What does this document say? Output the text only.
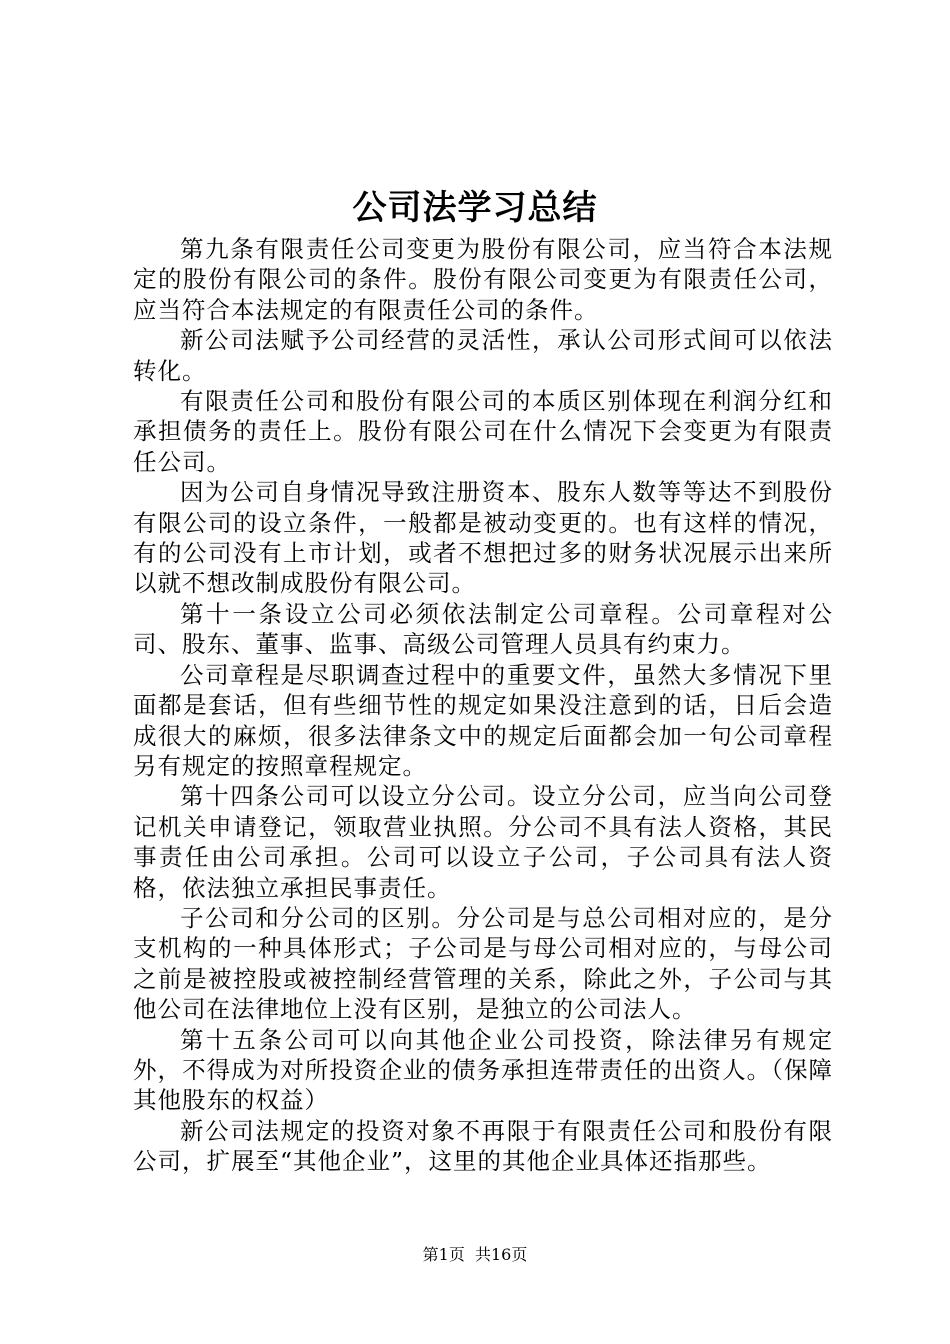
公司法学习总结

第九条有限责任公司变更为股份有限公司，应当符合本法规定的股份有限公司的条件。股份有限公司变更为有限责任公司，应当符合本法规定的有限责任公司的条件。

新公司法赋予公司经营的灵活性，承认公司形式间可以依法转化。

有限责任公司和股份有限公司的本质区别体现在利润分红和承担债务的责任上。股份有限公司在什么情况下会变更为有限责任公司。

因为公司自身情况导致注册资本、股东人数等等达不到股份有限公司的设立条件，一般都是被动变更的。也有这样的情况，有的公司没有上市计划，或者不想把过多的财务状况展示出来所以就不想改制成股份有限公司。

第十一条设立公司必须依法制定公司章程。公司章程对公司、股东、董事、监事、高级公司管理人员具有约束力。

公司章程是尽职调查过程中的重要文件，虽然大多情况下里面都是套话，但有些细节性的规定如果没注意到的话，日后会造成很大的麻烦，很多法律条文中的规定后面都会加一句公司章程另有规定的按照章程规定。

第十四条公司可以设立分公司。设立分公司，应当向公司登记机关申请登记，领取营业执照。分公司不具有法人资格，其民事责任由公司承担。公司可以设立子公司，子公司具有法人资格，依法独立承担民事责任。

子公司和分公司的区别。分公司是与总公司相对应的，是分支机构的一种具体形式；子公司是与母公司相对应的，与母公司之前是被控股或被控制经营管理的关系，除此之外，子公司与其他公司在法律地位上没有区别，是独立的公司法人。

第十五条公司可以向其他企业公司投资，除法律另有规定外，不得成为对所投资企业的债务承担连带责任的出资人。（保障其他股东的权益）

新公司法规定的投资对象不再限于有限责任公司和股份有限公司，扩展至“其他企业”，这里的其他企业具体还指那些。

第1页  共16页
